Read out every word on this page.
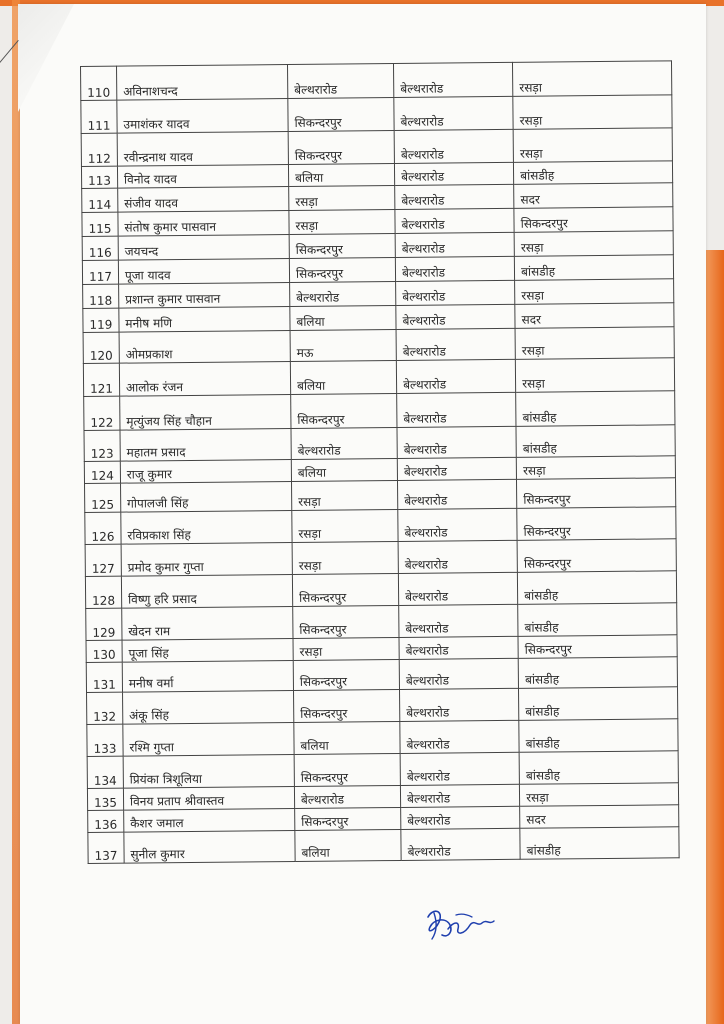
110	अविनाशचन्द	बेल्थरारोड	बेल्थरारोड	रसड़ा
111	उमाशंकर यादव	सिकन्दरपुर	बेल्थरारोड	रसड़ा
112	रवीन्द्रनाथ यादव	सिकन्दरपुर	बेल्थरारोड	रसड़ा
113	विनोद यादव	बलिया	बेल्थरारोड	बांसडीह
114	संजीव यादव	रसड़ा	बेल्थरारोड	सदर
115	संतोष कुमार पासवान	रसड़ा	बेल्थरारोड	सिकन्दरपुर
116	जयचन्द	सिकन्दरपुर	बेल्थरारोड	रसड़ा
117	पूजा यादव	सिकन्दरपुर	बेल्थरारोड	बांसडीह
118	प्रशान्त कुमार पासवान	बेल्थरारोड	बेल्थरारोड	रसड़ा
119	मनीष मणि	बलिया	बेल्थरारोड	सदर
120	ओमप्रकाश	मऊ	बेल्थरारोड	रसड़ा
121	आलोक रंजन	बलिया	बेल्थरारोड	रसड़ा
122	मृत्युंजय सिंह चौहान	सिकन्दरपुर	बेल्थरारोड	बांसडीह
123	महातम प्रसाद	बेल्थरारोड	बेल्थरारोड	बांसडीह
124	राजू कुमार	बलिया	बेल्थरारोड	रसड़ा
125	गोपालजी सिंह	रसड़ा	बेल्थरारोड	सिकन्दरपुर
126	रविप्रकाश सिंह	रसड़ा	बेल्थरारोड	सिकन्दरपुर
127	प्रमोद कुमार गुप्ता	रसड़ा	बेल्थरारोड	सिकन्दरपुर
128	विष्णु हरि प्रसाद	सिकन्दरपुर	बेल्थरारोड	बांसडीह
129	खेदन राम	सिकन्दरपुर	बेल्थरारोड	बांसडीह
130	पूजा सिंह	रसड़ा	बेल्थरारोड	सिकन्दरपुर
131	मनीष वर्मा	सिकन्दरपुर	बेल्थरारोड	बांसडीह
132	अंकू सिंह	सिकन्दरपुर	बेल्थरारोड	बांसडीह
133	रश्मि गुप्ता	बलिया	बेल्थरारोड	बांसडीह
134	प्रियंका त्रिशूलिया	सिकन्दरपुर	बेल्थरारोड	बांसडीह
135	विनय प्रताप श्रीवास्तव	बेल्थरारोड	बेल्थरारोड	रसड़ा
136	कैशर जमाल	सिकन्दरपुर	बेल्थरारोड	सदर
137	सुनील कुमार	बलिया	बेल्थरारोड	बांसडीह
